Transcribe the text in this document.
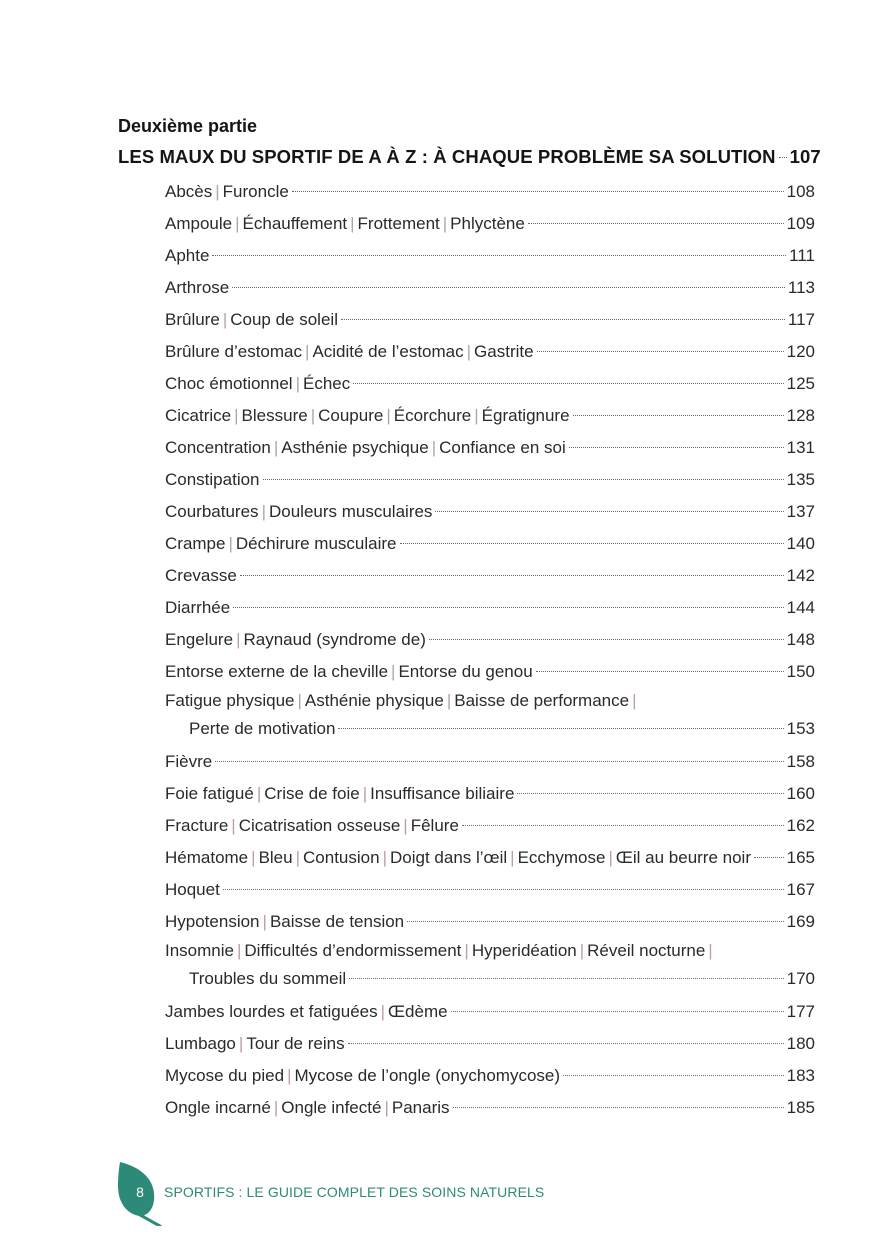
Deuxième partie
LES MAUX DU SPORTIF DE A À Z : À CHAQUE PROBLÈME SA SOLUTION 107
Abcès | Furoncle	108
Ampoule | Échauffement | Frottement | Phlyctène	109
Aphte	111
Arthrose	113
Brûlure | Coup de soleil	117
Brûlure d’estomac | Acidité de l’estomac | Gastrite	120
Choc émotionnel | Échec	125
Cicatrice | Blessure | Coupure | Écorchure | Égratignure	128
Concentration | Asthénie psychique | Confiance en soi	131
Constipation	135
Courbatures | Douleurs musculaires	137
Crampe | Déchirure musculaire	140
Crevasse	142
Diarrhée	144
Engelure | Raynaud (syndrome de)	148
Entorse externe de la cheville | Entorse du genou	150
Fatigue physique | Asthénie physique | Baisse de performance |
Perte de motivation	153
Fièvre	158
Foie fatigué | Crise de foie | Insuffisance biliaire	160
Fracture | Cicatrisation osseuse | Fêlure	162
Hématome | Bleu | Contusion | Doigt dans l’œil | Ecchymose | Œil au beurre noir 165
Hoquet	167
Hypotension | Baisse de tension	169
Insomnie | Difficultés d’endormissement | Hyperidéation | Réveil nocturne |
Troubles du sommeil	170
Jambes lourdes et fatiguées | Œdème	177
Lumbago | Tour de reins	180
Mycose du pied | Mycose de l’ongle (onychomycose)	183
Ongle incarné | Ongle infecté | Panaris	185
8 SPORTIFS : LE GUIDE COMPLET DES SOINS NATURELS
